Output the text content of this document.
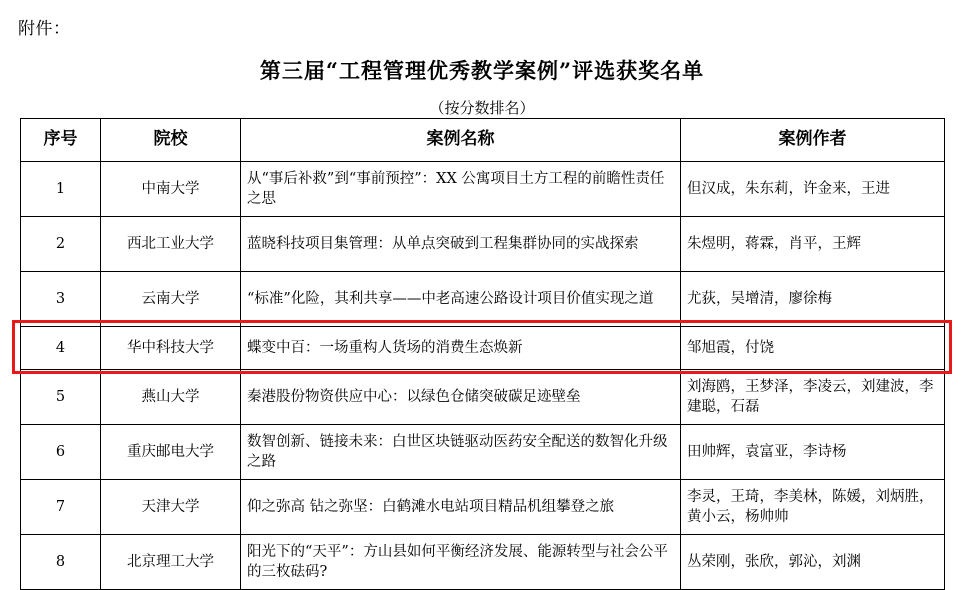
附件：
第三届“工程管理优秀教学案例”评选获奖名单
（按分数排名）
序号	院校	案例名称	案例作者
1	中南大学	从“事后补救”到“事前预控”：XX 公寓项目土方工程的前瞻性责任之思	但汉成，朱东莉，许金来，王进
2	西北工业大学	蓝晓科技项目集管理：从单点突破到工程集群协同的实战探索	朱煜明，蒋霖，肖平，王辉
3	云南大学	“标准”化险，其利共享——中老高速公路设计项目价值实现之道	尤荻，吴增清，廖徐梅
4	华中科技大学	蝶变中百：一场重构人货场的消费生态焕新	邹旭霞，付饶
5	燕山大学	秦港股份物资供应中心：以绿色仓储突破碳足迹壁垒	刘海鸥，王梦泽，李凌云，刘建波，李建聪，石磊
6	重庆邮电大学	数智创新、链接未来：白世区块链驱动医药安全配送的数智化升级之路	田帅辉，袁富亚，李诗杨
7	天津大学	仰之弥高 钻之弥坚：白鹤滩水电站项目精品机组攀登之旅	李灵，王琦，李美林，陈媛，刘炳胜，黄小云，杨帅帅
8	北京理工大学	阳光下的“天平”：方山县如何平衡经济发展、能源转型与社会公平的三枚砝码?	丛荣刚，张欣，郭沁，刘渊
